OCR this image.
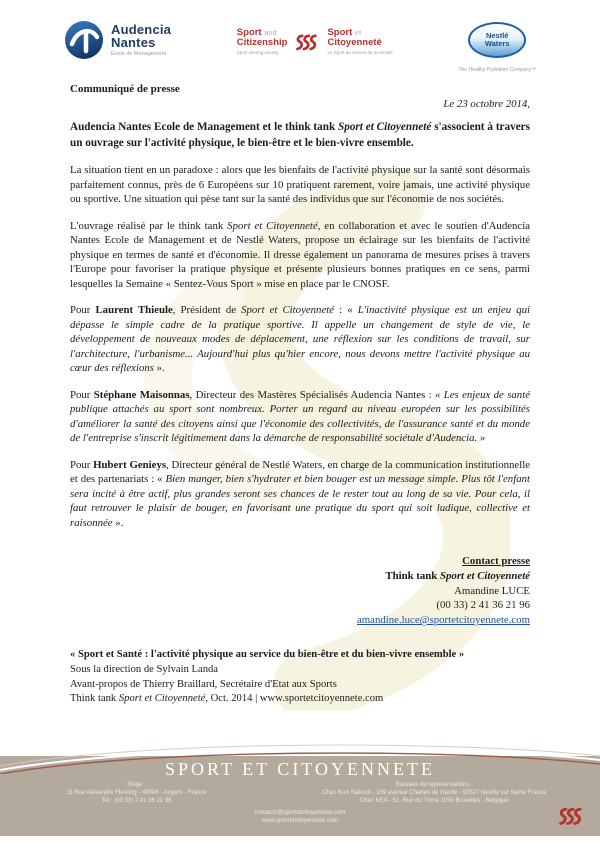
Audencia
Nantes
École de Management
Sport and
Citizenship
Sport serving society
Sport et
Citoyenneté
Le Sport au service de la société
Nestlé
Waters
The Healthy Hydration Company™
Communiqué de presse
Le 23 octobre 2014,
Audencia Nantes Ecole de Management et le think tank Sport et Citoyenneté s'associent à travers un ouvrage sur l'activité physique, le bien-être et le bien-vivre ensemble.

La situation tient en un paradoxe : alors que les bienfaits de l'activité physique sur la santé sont désormais parfaitement connus, près de 6 Européens sur 10 pratiquent rarement, voire jamais, une activité physique ou sportive. Une situation qui pèse tant sur la santé des individus que sur l'économie de nos sociétés.

L'ouvrage réalisé par le think tank Sport et Citoyenneté, en collaboration et avec le soutien d'Audencia Nantes Ecole de Management et de Nestlé Waters, propose un éclairage sur les bienfaits de l'activité physique en termes de santé et d'économie. Il dresse également un panorama de mesures prises à travers l'Europe pour favoriser la pratique physique et présente plusieurs bonnes pratiques en ce sens, parmi lesquelles la Semaine « Sentez-Vous Sport » mise en place par le CNOSF.

Pour Laurent Thieule, Président de Sport et Citoyenneté : « L'inactivité physique est un enjeu qui dépasse le simple cadre de la pratique sportive. Il appelle un changement de style de vie, le développement de nouveaux modes de déplacement, une réflexion sur les conditions de travail, sur l'architecture, l'urbanisme... Aujourd'hui plus qu'hier encore, nous devons mettre l'activité physique au cœur des réflexions ».

Pour Stéphane Maisonnas, Directeur des Mastères Spécialisés Audencia Nantes : « Les enjeux de santé publique attachés au sport sont nombreux. Porter un regard au niveau européen sur les possibilités d'améliorer la santé des citoyens ainsi que l'économie des collectivités, de l'assurance santé et du monde de l'entreprise s'inscrit légitimement dans la démarche de responsabilité sociétale d'Audencia. »

Pour Hubert Genieys, Directeur général de Nestlé Waters, en charge de la communication institutionnelle et des partenariats : « Bien manger, bien s'hydrater et bien bouger est un message simple. Plus tôt l'enfant sera incité à être actif, plus grandes seront ses chances de le rester tout au long de sa vie. Pour cela, il faut retrouver le plaisir de bouger, en favorisant une pratique du sport qui soit ludique, collective et raisonnée ».

Contact presse
Think tank Sport et Citoyenneté
Amandine LUCE
(00 33) 2 41 36 21 96
amandine.luce@sportetcitoyennete.com
« Sport et Santé : l'activité physique au service du bien-être et du bien-vivre ensemble »
Sous la direction de Sylvain Landa
Avant-propos de Thierry Braillard, Secrétaire d'Etat aux Sports
Think tank Sport et Citoyenneté, Oct. 2014 | www.sportetcitoyennete.com
SPORT ET CITOYENNETE
Siège :
11 Rue Alexandre Fleming - 49006 - Angers - France
Tel : (00 33) 2 41 36 21 96
Bureaux de représentations :
Chez Kurt Salmon - 159 avenue Charles de Gaulle - 92527 Neuilly sur Seine France
Chez KEA - 51, Rue du Trône 1050 Bruxelles - Belgique
contacts@sportetcitoyennete.com
www.sportetcitoyennete.com
